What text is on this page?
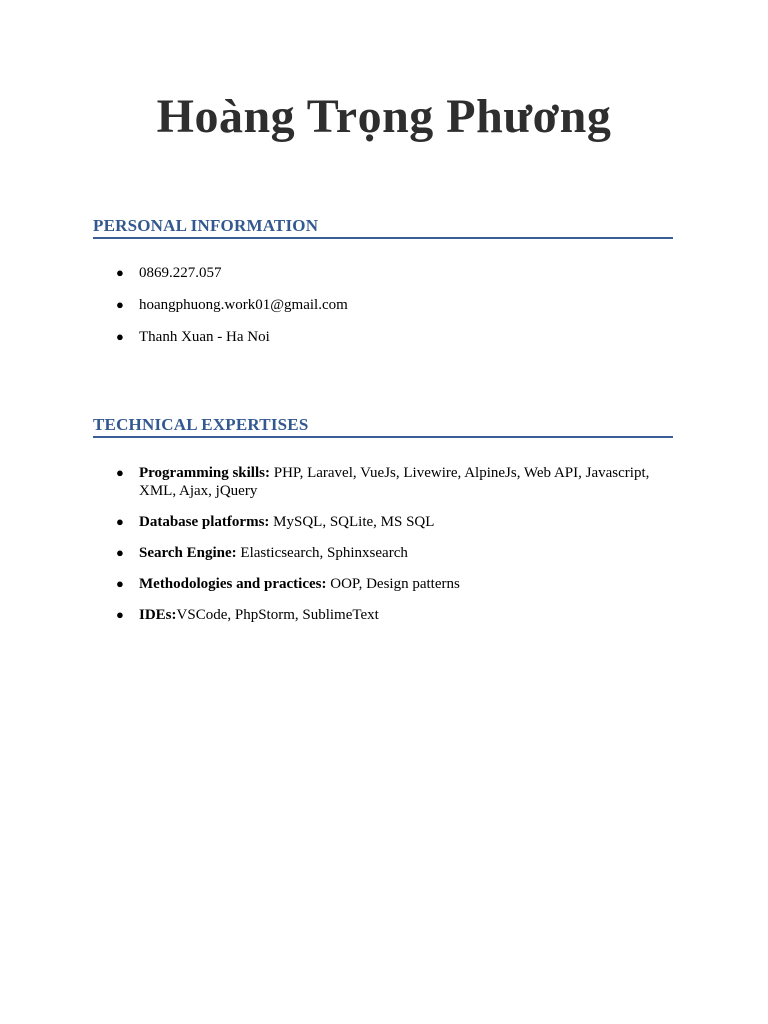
Hoàng Trọng Phương
PERSONAL INFORMATION
● 0869.227.057
● hoangphuong.work01@gmail.com
● Thanh Xuan - Ha Noi
TECHNICAL EXPERTISES
● Programming skills: PHP, Laravel, VueJs, Livewire, AlpineJs, Web API, Javascript, XML, Ajax, jQuery
● Database platforms: MySQL, SQLite, MS SQL
● Search Engine: Elasticsearch, Sphinxsearch
● Methodologies and practices: OOP, Design patterns
● IDEs:VSCode, PhpStorm, SublimeText
